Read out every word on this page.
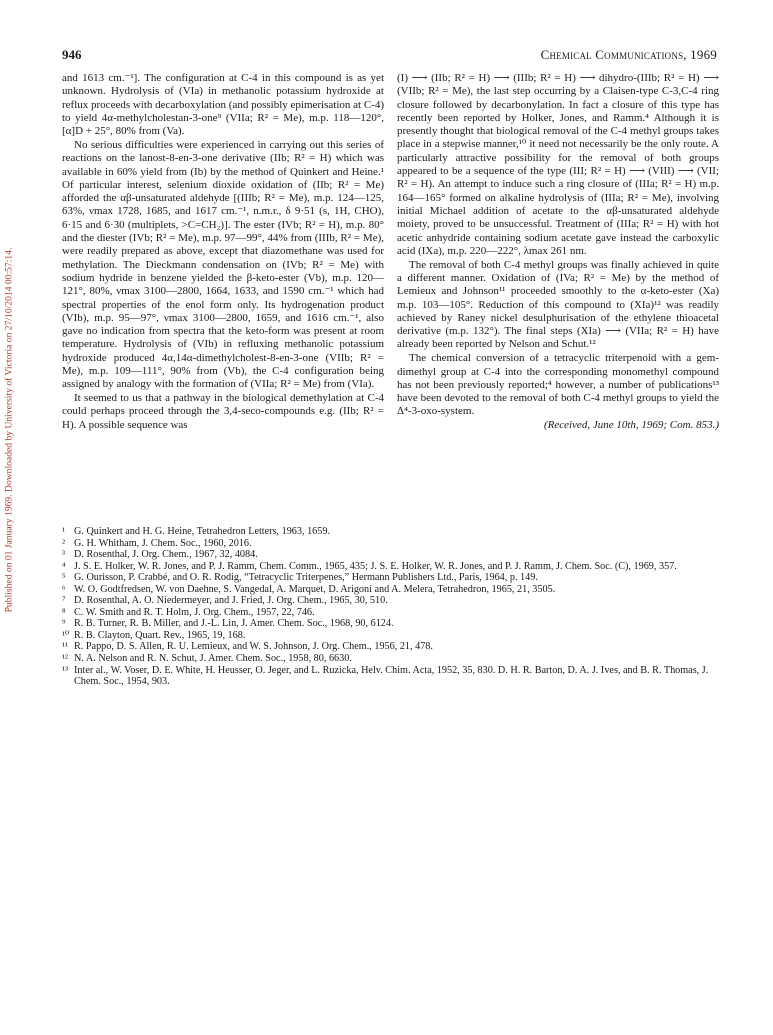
Published on 01 January 1969. Downloaded by University of Victoria on 27/10/2014 00:57:14.
946	Chemical Communications, 1969

and 1613 cm.⁻¹]. The configuration at C-4 in this compound is as yet unknown. Hydrolysis of (VIa) in methanolic potassium hydroxide at reflux proceeds with decarboxylation (and possibly epimerisation at C-4) to yield 4α-methylcholestan-3-one⁹ (VIIa; R² = Me), m.p. 118—120°, [α]D + 25°, 80% from (Va).

No serious difficulties were experienced in carrying out this series of reactions on the lanost-8-en-3-one derivative (IIb; R² = H) which was available in 60% yield from (Ib) by the method of Quinkert and Heine.¹ Of particular interest, selenium dioxide oxidation of (IIb; R² = Me) afforded the αβ-unsaturated aldehyde [(IIIb; R² = Me), m.p. 124—125, 63%, νmax 1728, 1685, and 1617 cm.⁻¹, n.m.r., δ 9·51 (s, 1H, CHO), 6·15 and 6·30 (multiplets, >C=CH₂)]. The ester (IVb; R² = H), m.p. 80° and the diester (IVb; R² = Me), m.p. 97—99°, 44% from (IIIb, R² = Me), were readily prepared as above, except that diazomethane was used for methylation. The Dieckmann condensation on (IVb; R² = Me) with sodium hydride in benzene yielded the β-keto-ester (Vb), m.p. 120—121°, 80%, νmax 3100—2800, 1664, 1633, and 1590 cm.⁻¹ which had spectral properties of the enol form only. Its hydrogenation product (VIb), m.p. 95—97°, νmax 3100—2800, 1659, and 1616 cm.⁻¹, also gave no indication from spectra that the keto-form was present at room temperature. Hydrolysis of (VIb) in refluxing methanolic potassium hydroxide produced 4α,14α-dimethylcholest-8-en-3-one (VIIb; R² = Me), m.p. 109—111°, 90% from (Vb), the C-4 configuration being assigned by analogy with the formation of (VIIa; R² = Me) from (VIa).

It seemed to us that a pathway in the biological demethylation at C-4 could perhaps proceed through the 3,4-seco-compounds e.g. (IIb; R² = H). A possible sequence was

(I) ⟶ (IIb; R² = H) ⟶ (IIIb; R² = H) ⟶ dihydro-(IIIb; R² = H) ⟶ (VIIb; R² = Me), the last step occurring by a Claisen-type C-3,C-4 ring closure followed by decarbonylation. In fact a closure of this type has recently been reported by Holker, Jones, and Ramm.⁴ Although it is presently thought that biological removal of the C-4 methyl groups takes place in a stepwise manner,¹⁰ it need not necessarily be the only route. A particularly attractive possibility for the removal of both groups appeared to be a sequence of the type (III; R² = H) ⟶ (VIII) ⟶ (VII; R² = H). An attempt to induce such a ring closure of (IIIa; R² = H) m.p. 164—165° formed on alkaline hydrolysis of (IIIa; R² = Me), involving initial Michael addition of acetate to the αβ-unsaturated aldehyde moiety, proved to be unsuccessful. Treatment of (IIIa; R² = H) with hot acetic anhydride containing sodium acetate gave instead the carboxylic acid (IXa), m.p. 220—222°, λmax 261 nm.

The removal of both C-4 methyl groups was finally achieved in quite a different manner. Oxidation of (IVa; R² = Me) by the method of Lemieux and Johnson¹¹ proceeded smoothly to the α-keto-ester (Xa) m.p. 103—105°. Reduction of this compound to (XIa)¹² was readily achieved by Raney nickel desulphurisation of the ethylene thioacetal derivative (m.p. 132°). The final steps (XIa) ⟶ (VIIa; R² = H) have already been reported by Nelson and Schut.¹²

The chemical conversion of a tetracyclic triterpenoid with a gem-dimethyl group at C-4 into the corresponding monomethyl compound has not been previously reported;⁴ however, a number of publications¹³ have been devoted to the removal of both C-4 methyl groups to yield the Δ⁴-3-oxo-system.

(Received, June 10th, 1969; Com. 853.)

¹ G. Quinkert and H. G. Heine, Tetrahedron Letters, 1963, 1659.

² G. H. Whitham, J. Chem. Soc., 1960, 2016.

³ D. Rosenthal, J. Org. Chem., 1967, 32, 4084.

⁴ J. S. E. Holker, W. R. Jones, and P. J. Ramm, Chem. Comm., 1965, 435; J. S. E. Holker, W. R. Jones, and P. J. Ramm, J. Chem. Soc. (C), 1969, 357.

⁵ G. Ourisson, P. Crabbé, and O. R. Rodig, “Tetracyclic Triterpenes,” Hermann Publishers Ltd., Paris, 1964, p. 149.

⁶ W. O. Godtfredsen, W. von Daehne, S. Vangedal, A. Marquet, D. Arigoni and A. Melera, Tetrahedron, 1965, 21, 3505.

⁷ D. Rosenthal, A. O. Niedermeyer, and J. Fried, J. Org. Chem., 1965, 30, 510.

⁸ C. W. Smith and R. T. Holm, J. Org. Chem., 1957, 22, 746.

⁹ R. B. Turner, R. B. Miller, and J.-L. Lin, J. Amer. Chem. Soc., 1968, 90, 6124.

¹⁰ R. B. Clayton, Quart. Rev., 1965, 19, 168.

¹¹ R. Pappo, D. S. Allen, R. U. Lemieux, and W. S. Johnson, J. Org. Chem., 1956, 21, 478.

¹² N. A. Nelson and R. N. Schut, J. Amer. Chem. Soc., 1958, 80, 6630.

¹³ Inter al., W. Voser, D. E. White, H. Heusser, O. Jeger, and L. Ruzicka, Helv. Chim. Acta, 1952, 35, 830. D. H. R. Barton, D. A. J. Ives, and B. R. Thomas, J. Chem. Soc., 1954, 903.
